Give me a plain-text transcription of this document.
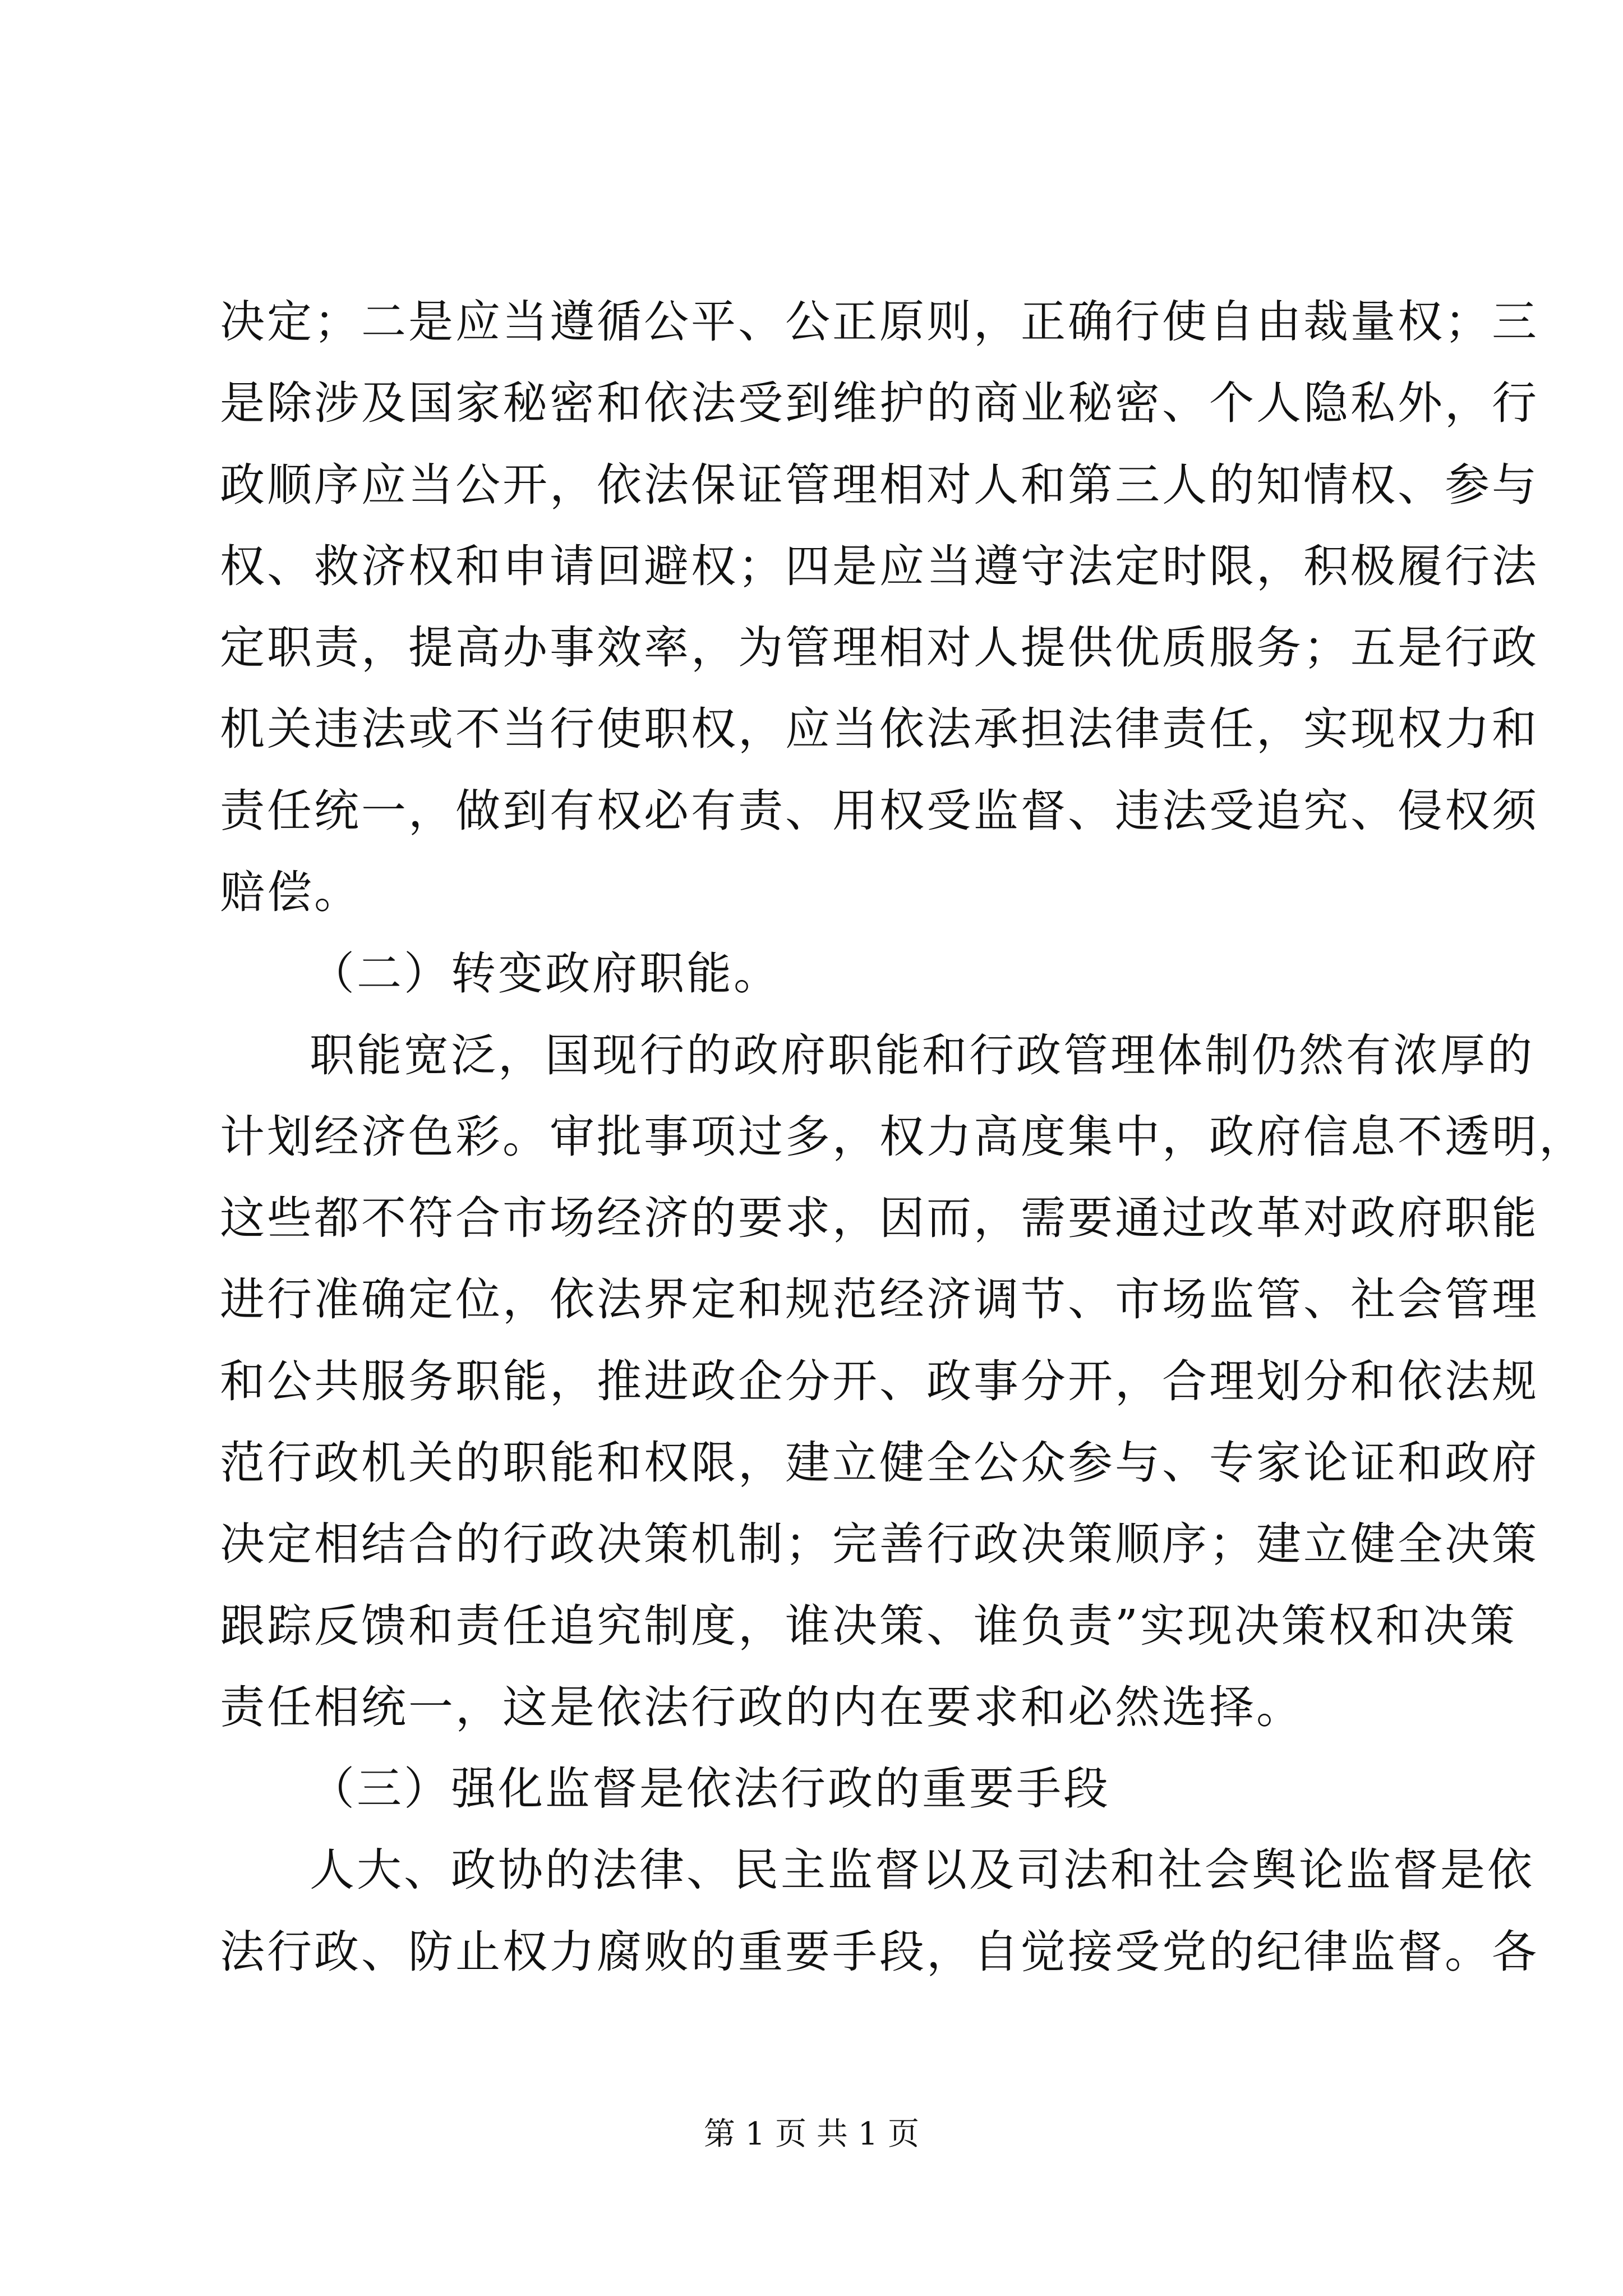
决定；二是应当遵循公平、公正原则，正确行使自由裁量权；三
是除涉及国家秘密和依法受到维护的商业秘密、个人隐私外，行
政顺序应当公开，依法保证管理相对人和第三人的知情权、参与
权、救济权和申请回避权；四是应当遵守法定时限，积极履行法
定职责，提高办事效率，为管理相对人提供优质服务；五是行政
机关违法或不当行使职权，应当依法承担法律责任，实现权力和
责任统一，做到有权必有责、用权受监督、违法受追究、侵权须
赔偿。
（二）转变政府职能。
职能宽泛，国现行的政府职能和行政管理体制仍然有浓厚的
计划经济色彩。审批事项过多，权力高度集中，政府信息不透明，
这些都不符合市场经济的要求，因而，需要通过改革对政府职能
进行准确定位，依法界定和规范经济调节、市场监管、社会管理
和公共服务职能，推进政企分开、政事分开，合理划分和依法规
范行政机关的职能和权限，建立健全公众参与、专家论证和政府
决定相结合的行政决策机制；完善行政决策顺序；建立健全决策
跟踪反馈和责任追究制度，谁决策、谁负责”实现决策权和决策
责任相统一，这是依法行政的内在要求和必然选择。
（三）强化监督是依法行政的重要手段
人大、政协的法律、民主监督以及司法和社会舆论监督是依
法行政、防止权力腐败的重要手段，自觉接受党的纪律监督。各
第 1 页 共 1 页
